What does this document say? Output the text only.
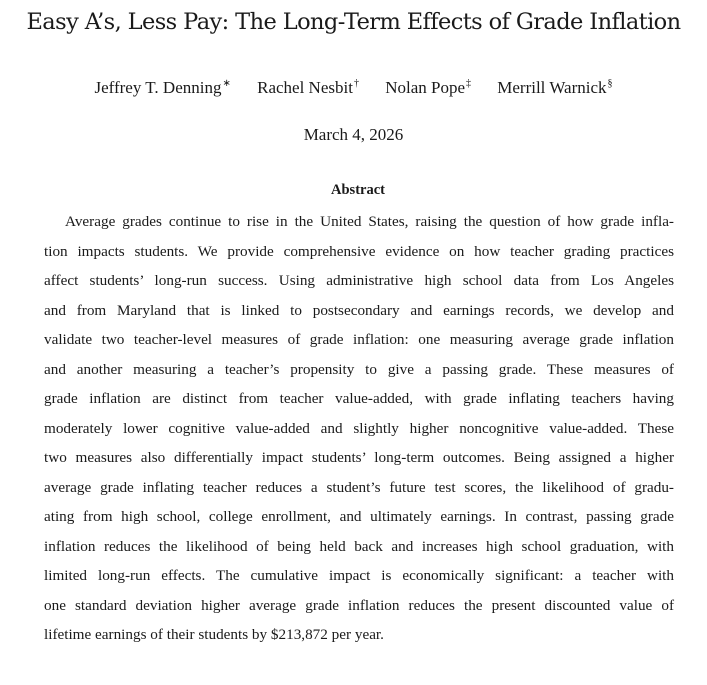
Easy A’s, Less Pay: The Long-Term Effects of Grade Inflation
Jeffrey T. Denning∗ Rachel Nesbit† Nolan Pope‡ Merrill Warnick§
March 4, 2026
Abstract
Average grades continue to rise in the United States, raising the question of how grade infla-
tion impacts students. We provide comprehensive evidence on how teacher grading practices
affect students’ long-run success. Using administrative high school data from Los Angeles
and from Maryland that is linked to postsecondary and earnings records, we develop and
validate two teacher-level measures of grade inflation: one measuring average grade inflation
and another measuring a teacher’s propensity to give a passing grade. These measures of
grade inflation are distinct from teacher value-added, with grade inflating teachers having
moderately lower cognitive value-added and slightly higher noncognitive value-added. These
two measures also differentially impact students’ long-term outcomes. Being assigned a higher
average grade inflating teacher reduces a student’s future test scores, the likelihood of gradu-
ating from high school, college enrollment, and ultimately earnings. In contrast, passing grade
inflation reduces the likelihood of being held back and increases high school graduation, with
limited long-run effects. The cumulative impact is economically significant: a teacher with
one standard deviation higher average grade inflation reduces the present discounted value of
lifetime earnings of their students by $213,872 per year.
